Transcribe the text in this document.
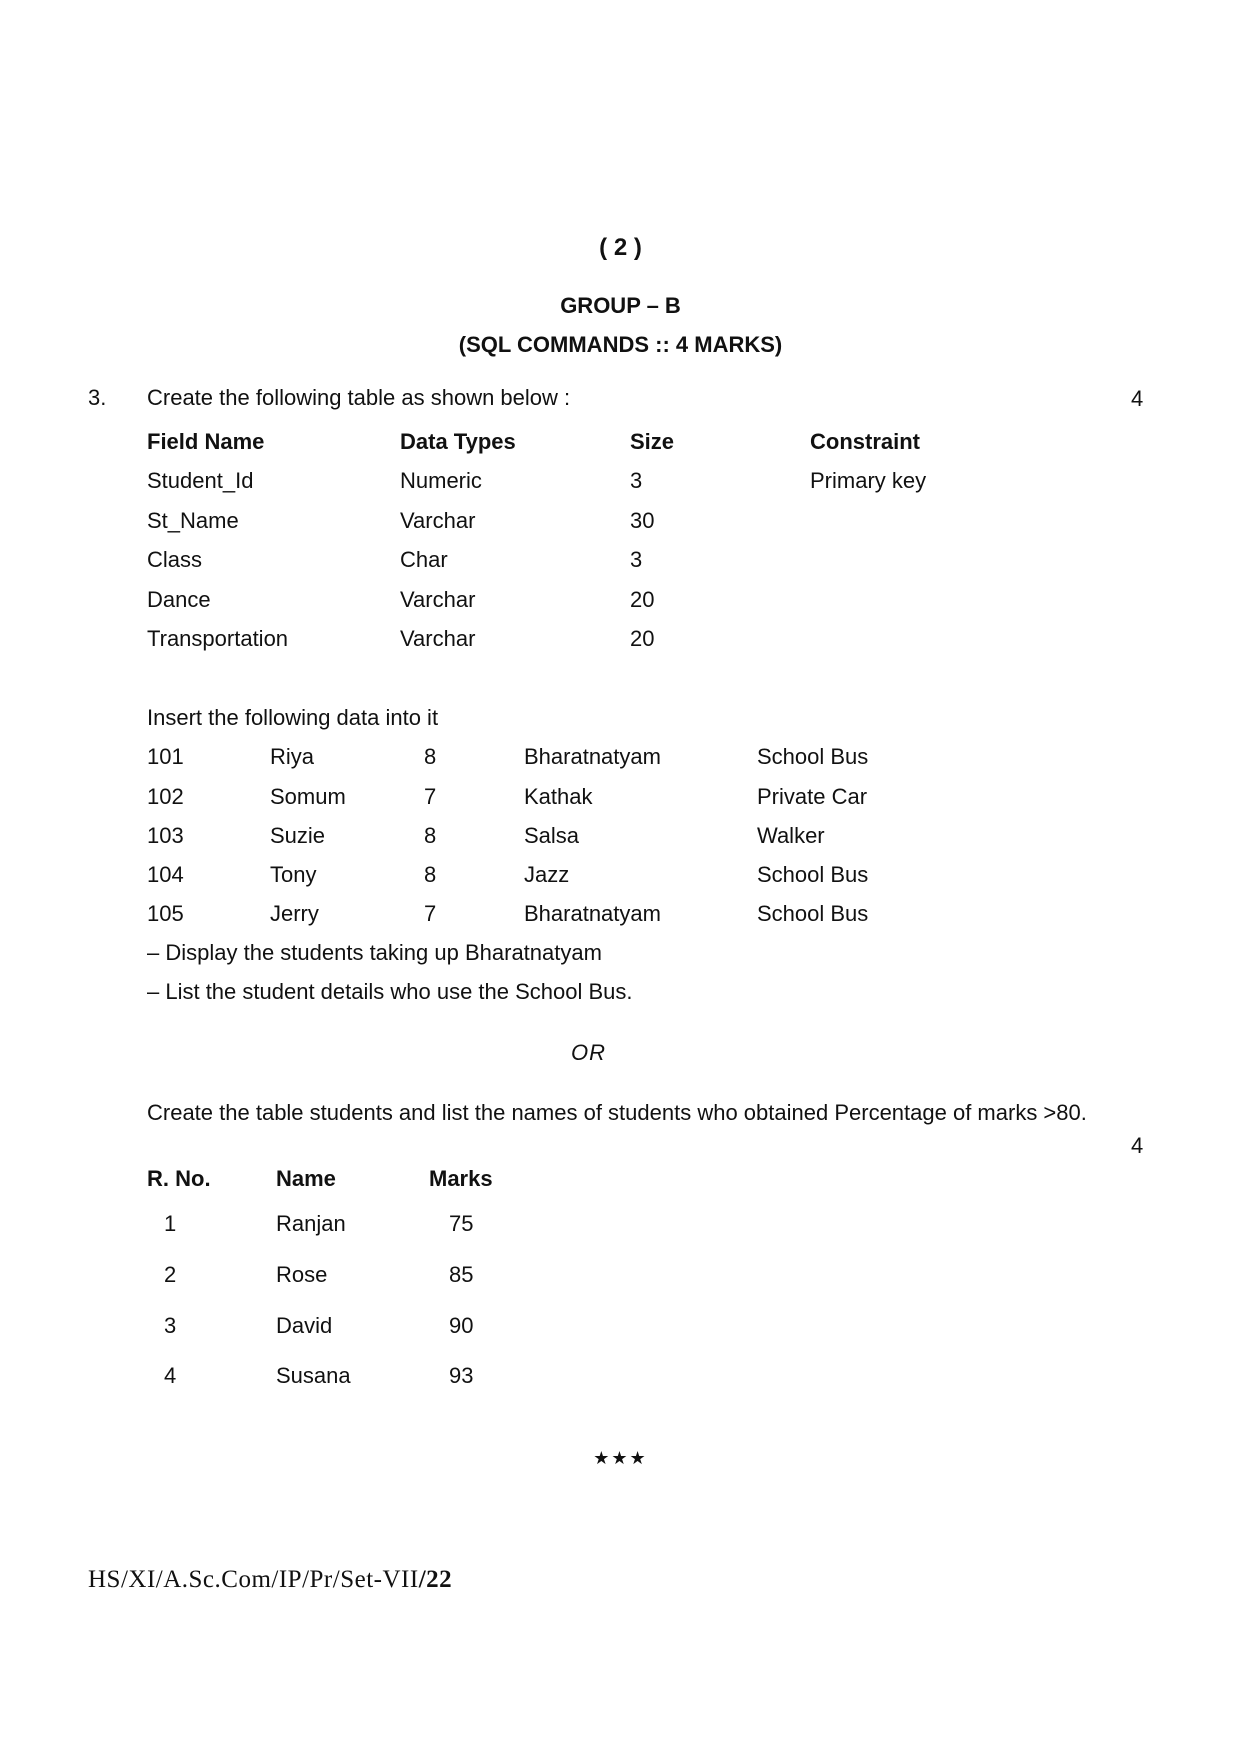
( 2 )
GROUP – B
(SQL COMMANDS :: 4 MARKS)
3. Create the following table as shown below :	4
Field Name	Data Types	Size	Constraint
Student_Id	Numeric	3	Primary key
St_Name	Varchar	30
Class	Char	3
Dance	Varchar	20
Transportation	Varchar	20
Insert the following data into it
101	Riya	8	Bharatnatyam	School Bus
102	Somum	7	Kathak	Private Car
103	Suzie	8	Salsa	Walker
104	Tony	8	Jazz	School Bus
105	Jerry	7	Bharatnatyam	School Bus
– Display the students taking up Bharatnatyam
– List the student details who use the School Bus.
OR
Create the table students and list the names of students who obtained Percentage of marks >80.
4
R. No.	Name	Marks
1	Ranjan	75
2	Rose	85
3	David	90
4	Susana	93
★★★
HS/XI/A.Sc.Com/IP/Pr/Set-VII/22
